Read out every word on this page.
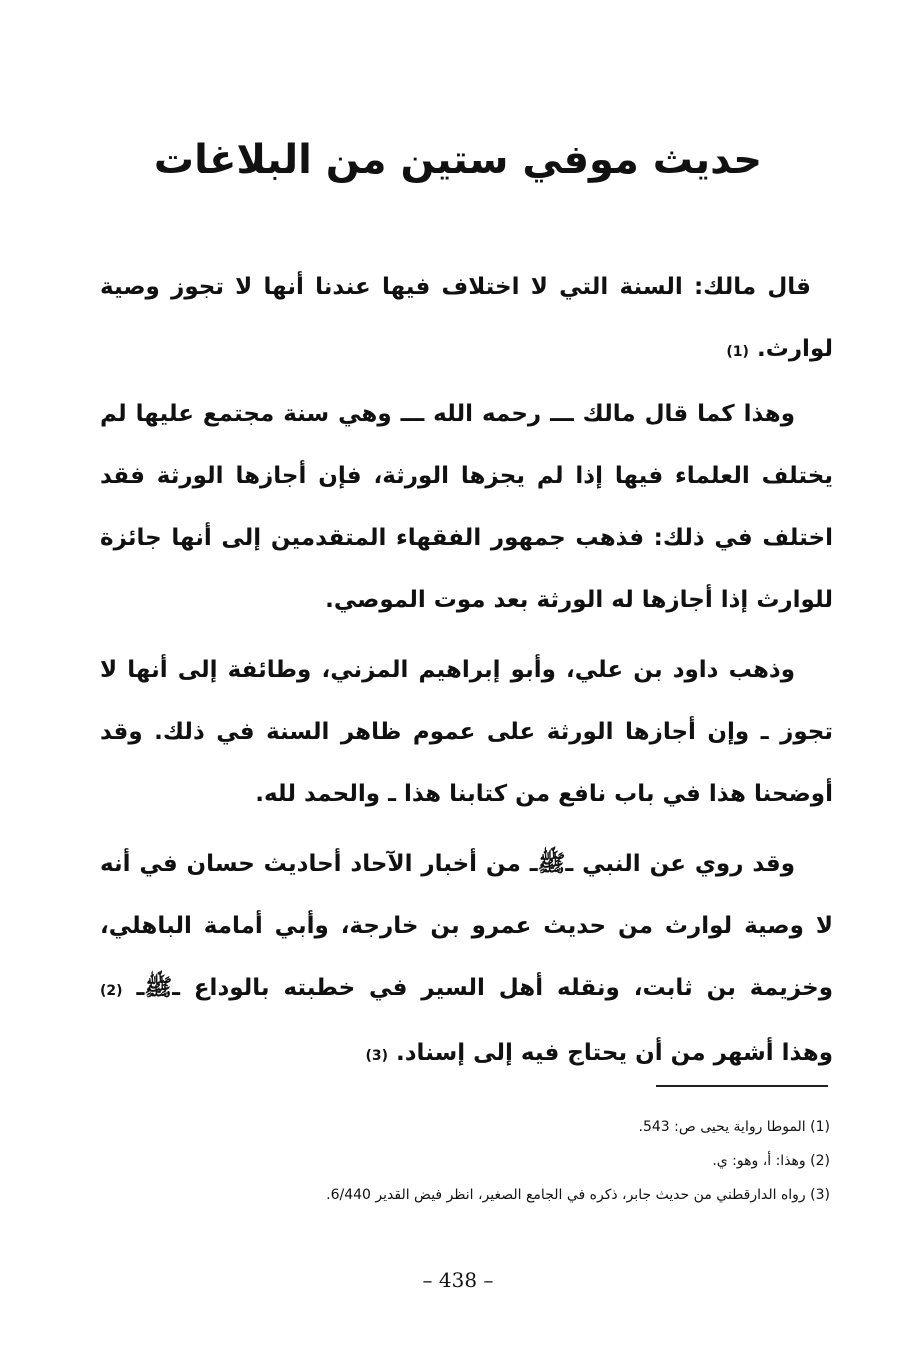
حديث موفي ستين من البلاغات

قال مالك: السنة التي لا اختلاف فيها عندنا أنها لا تجوز وصية لوارث. (1)

وهذا كما قال مالك ـــ رحمه الله ـــ وهي سنة مجتمع عليها لم يختلف العلماء فيها إذا لم يجزها الورثة، فإن أجازها الورثة فقد اختلف في ذلك: فذهب جمهور الفقهاء المتقدمين إلى أنها جائزة للوارث إذا أجازها له الورثة بعد موت الموصي.

وذهب داود بن علي، وأبو إبراهيم المزني، وطائفة إلى أنها لا تجوز ـ وإن أجازها الورثة على عموم ظاهر السنة في ذلك. وقد أوضحنا هذا في باب نافع من كتابنا هذا ـ والحمد لله.

وقد روي عن النبي ـﷺـ من أخبار الآحاد أحاديث حسان في أنه لا وصية لوارث من حديث عمرو بن خارجة، وأبي أمامة الباهلي، وخزيمة بن ثابت، ونقله أهل السير في خطبته بالوداع ـﷺـ (2) وهذا أشهر من أن يحتاج فيه إلى إسناد. (3)

(1) الموطا رواية يحيى ص: 543.
(2) وهذا: أ، وهو: ي.
(3) رواه الدارقطني من حديث جابر، ذكره في الجامع الصغير، انظر فيض القدير 6/440.
– 438 –
